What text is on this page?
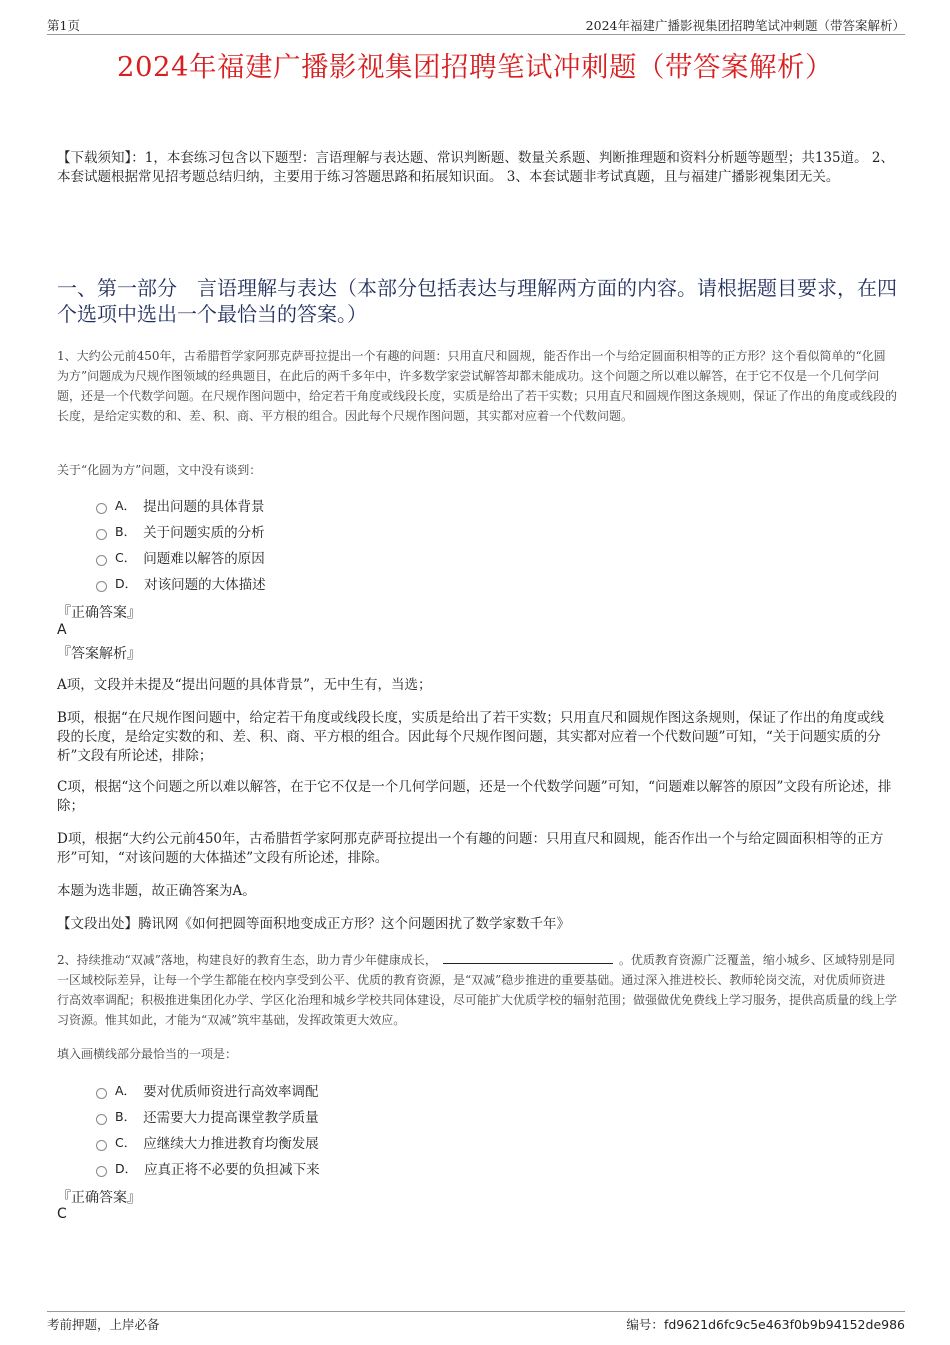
第1页	2024年福建广播影视集团招聘笔试冲刺题（带答案解析）
2024年福建广播影视集团招聘笔试冲刺题（带答案解析）
【下载须知】：1，本套练习包含以下题型：言语理解与表达题、常识判断题、数量关系题、判断推理题和资料分析题等题型；共135道。 2、本套试题根据常见招考题总结归纳，主要用于练习答题思路和拓展知识面。 3、本套试题非考试真题，且与福建广播影视集团无关。
一、第一部分　言语理解与表达（本部分包括表达与理解两方面的内容。请根据题目要求，在四个选项中选出一个最恰当的答案。）
1、大约公元前450年，古希腊哲学家阿那克萨哥拉提出一个有趣的问题：只用直尺和圆规，能否作出一个与给定圆面积相等的正方形？这个看似简单的“化圆为方”问题成为尺规作图领域的经典题目，在此后的两千多年中，许多数学家尝试解答却都未能成功。这个问题之所以难以解答，在于它不仅是一个几何学问题，还是一个代数学问题。在尺规作图问题中，给定若干角度或线段长度，实质是给出了若干实数；只用直尺和圆规作图这条规则，保证了作出的角度或线段的长度，是给定实数的和、差、积、商、平方根的组合。因此每个尺规作图问题，其实都对应着一个代数问题。
关于“化圆为方”问题，文中没有谈到：
A． 提出问题的具体背景
B． 关于问题实质的分析
C． 问题难以解答的原因
D． 对该问题的大体描述
『正确答案』
A
『答案解析』
A项，文段并未提及“提出问题的具体背景”，无中生有，当选；
B项，根据“在尺规作图问题中，给定若干角度或线段长度，实质是给出了若干实数；只用直尺和圆规作图这条规则，保证了作出的角度或线段的长度，是给定实数的和、差、积、商、平方根的组合。因此每个尺规作图问题，其实都对应着一个代数问题”可知，“关于问题实质的分析”文段有所论述，排除；
C项，根据“这个问题之所以难以解答，在于它不仅是一个几何学问题，还是一个代数学问题”可知，“问题难以解答的原因”文段有所论述，排除；
D项，根据“大约公元前450年，古希腊哲学家阿那克萨哥拉提出一个有趣的问题：只用直尺和圆规，能否作出一个与给定圆面积相等的正方形”可知，“对该问题的大体描述”文段有所论述，排除。
本题为选非题，故正确答案为A。
【文段出处】腾讯网《如何把圆等面积地变成正方形？这个问题困扰了数学家数千年》
2、持续推动“双减”落地，构建良好的教育生态，助力青少年健康成长，	。优质教育资源广泛覆盖，缩小城乡、区域特别是同一区域校际差异，让每一个学生都能在校内享受到公平、优质的教育资源，是“双减”稳步推进的重要基础。通过深入推进校长、教师轮岗交流，对优质师资进行高效率调配；积极推进集团化办学、学区化治理和城乡学校共同体建设，尽可能扩大优质学校的辐射范围；做强做优免费线上学习服务，提供高质量的线上学习资源。惟其如此，才能为“双减”筑牢基础，发挥政策更大效应。
填入画横线部分最恰当的一项是：
A． 要对优质师资进行高效率调配
B． 还需要大力提高课堂教学质量
C． 应继续大力推进教育均衡发展
D． 应真正将不必要的负担减下来
『正确答案』
C
考前押题，上岸必备	编号：fd9621d6fc9c5e463f0b9b94152de986
